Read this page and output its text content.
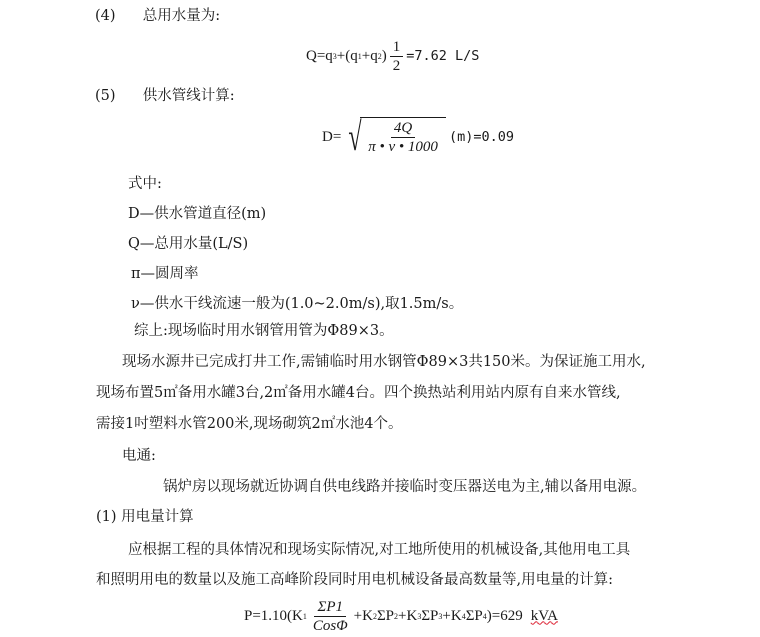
(4) 总用水量为:
Q=q 3 +(q 1 +q 2 ) $\frac{1}{2} =7.62$ L/S
(5) 供水管线计算:
D= √ $\frac{4Q}{\pi • \nu • 1000} (m)=0.09$
式中:
D—供水管道直径(m)
Q—总用水量(L/S)
π—圆周率
ν—供水干线流速一般为(1.0~2.0m/s),取1.5m/s。
综上:现场临时用水钢管用管为Φ89×3。
现场水源井已完成打井工作,需铺临时用水钢管Φ89×3共150米。为保证施工用水,
现场布置5㎡备用水罐3台,2㎡备用水罐4台。四个换热站利用站内原有自来水管线,
需接1吋塑料水管200米,现场砌筑2㎡水池4个。
电通:
锅炉房以现场就近协调自供电线路并接临时变压器送电为主,辅以备用电源。
(1) 用电量计算
应根据工程的具体情况和现场实际情况,对工地所使用的机械设备,其他用电工具
和照明用电的数量以及施工高峰阶段同时用电机械设备最高数量等,用电量的计算:
P=1.10(K $1 \frac{\Sigma P1}{\text{CosΦ}} +K$ 2 ΣP 2 +K 3 ΣP 3 +K 4 ΣP 4 )=629 kVA
